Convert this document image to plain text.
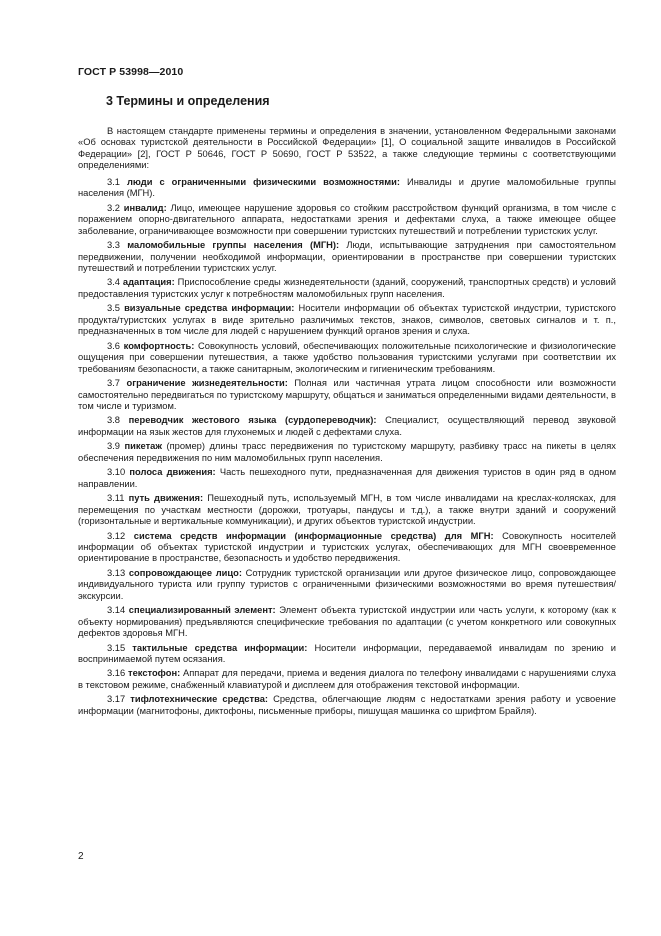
ГОСТ Р 53998—2010
3 Термины и определения

В настоящем стандарте применены термины и определения в значении, установленном Федеральными законами «Об основах туристской деятельности в Российской Федерации» [1], О социальной защите инвалидов в Российской Федерации» [2], ГОСТ Р 50646, ГОСТ Р 50690, ГОСТ Р 53522, а также следующие термины с соответствующими определениями:

3.1 люди с ограниченными физическими возможностями: Инвалиды и другие маломобильные группы населения (МГН).

3.2 инвалид: Лицо, имеющее нарушение здоровья со стойким расстройством функций организма, в том числе с поражением опорно-двигательного аппарата, недостатками зрения и дефектами слуха, а также имеющее общее заболевание, ограничивающее возможности при совершении туристских путешествий и потреблении туристских услуг.

3.3 маломобильные группы населения (МГН): Люди, испытывающие затруднения при самостоятельном передвижении, получении необходимой информации, ориентировании в пространстве при совершении туристских путешествий и потреблении туристских услуг.

3.4 адаптация: Приспособление среды жизнедеятельности (зданий, сооружений, транспортных средств) и условий предоставления туристских услуг к потребностям маломобильных групп населения.

3.5 визуальные средства информации: Носители информации об объектах туристской индустрии, туристского продукта/туристских услугах в виде зрительно различимых текстов, знаков, символов, световых сигналов и т. п., предназначенных в том числе для людей с нарушением функций органов зрения и слуха.

3.6 комфортность: Совокупность условий, обеспечивающих положительные психологические и физиологические ощущения при совершении путешествия, а также удобство пользования туристскими услугами при соответствии их требованиям безопасности, а также санитарным, экологическим и гигиеническим требованиям.

3.7 ограничение жизнедеятельности: Полная или частичная утрата лицом способности или возможности самостоятельно передвигаться по туристскому маршруту, общаться и заниматься определенными видами деятельности, в том числе и туризмом.

3.8 переводчик жестового языка (сурдопереводчик): Специалист, осуществляющий перевод звуковой информации на язык жестов для глухонемых и людей с дефектами слуха.

3.9 пикетаж (промер) длины трасс передвижения по туристскому маршруту, разбивку трасс на пикеты в целях обеспечения передвижения по ним маломобильных групп населения.

3.10 полоса движения: Часть пешеходного пути, предназначенная для движения туристов в один ряд в одном направлении.

3.11 путь движения: Пешеходный путь, используемый МГН, в том числе инвалидами на креслах-колясках, для перемещения по участкам местности (дорожки, тротуары, пандусы и т.д.), а также внутри зданий и сооружений (горизонтальные и вертикальные коммуникации), и других объектов туристской индустрии.

3.12 система средств информации (информационные средства) для МГН: Совокупность носителей информации об объектах туристской индустрии и туристских услугах, обеспечивающих для МГН своевременное ориентирование в пространстве, безопасность и удобство передвижения.

3.13 сопровождающее лицо: Сотрудник туристской организации или другое физическое лицо, сопровождающее индивидуального туриста или группу туристов с ограниченными физическими возможностями во время путешествия/экскурсии.

3.14 специализированный элемент: Элемент объекта туристской индустрии или часть услуги, к которому (как к объекту нормирования) предъявляются специфические требования по адаптации (с учетом конкретного или совокупных дефектов здоровья МГН.

3.15 тактильные средства информации: Носители информации, передаваемой инвалидам по зрению и воспринимаемой путем осязания.

3.16 текстофон: Аппарат для передачи, приема и ведения диалога по телефону инвалидами с нарушениями слуха в текстовом режиме, снабженный клавиатурой и дисплеем для отображения текстовой информации.

3.17 тифлотехнические средства: Средства, облегчающие людям с недостатками зрения работу и усвоение информации (магнитофоны, диктофоны, письменные приборы, пишущая машинка со шрифтом Брайля).

2
